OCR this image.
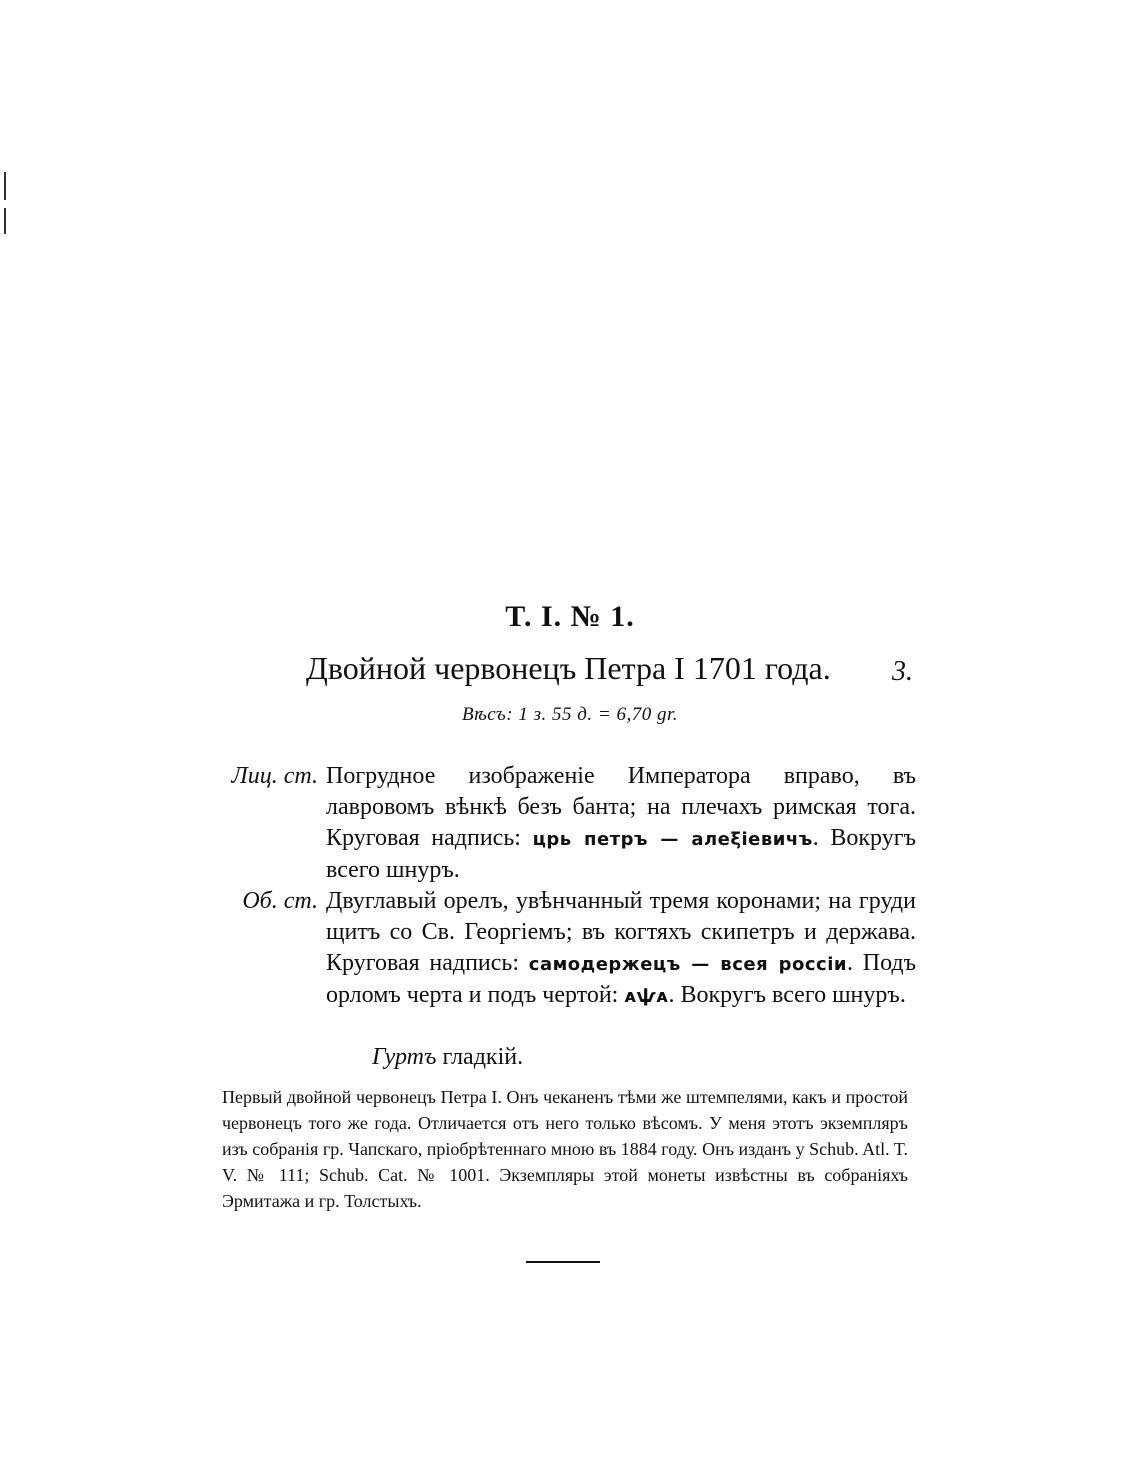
T. I. № 1.
Двойной червонецъ Петра I 1701 года. 3.
Вѣсъ: 1 з. 55 д. = 6,70 gr.
Лиц. ст. Погрудное изображенiе Императора вправо, въ лавровомъ вѣнкѣ безъ банта; на плечахъ римская тога. Круговая надпись: црь петръ — алеξiевичъ. Вокругъ всего шнуръ.
Об. ст. Двуглавый орелъ, увѣнчанный тремя коронами; на груди щитъ со Св. Георгiемъ; въ когтяхъ скипетръ и держава. Круговая надпись: самодержецъ — всея россiи. Подъ орломъ черта и подъ чертой: ᴀѱᴀ. Вокругъ всего шнуръ.
Гуртъ гладкiй.
Первый двойной червонецъ Петра I. Онъ чеканенъ тѣми же штемпелями, какъ и простой червонецъ того же года. Отличается отъ него только вѣсомъ. У меня этотъ экземпляръ изъ собранiя гр. Чапскаго, прiобрѣтеннаго мною въ 1884 году. Онъ изданъ у Schub. Atl. T. V. № 111; Schub. Cat. № 1001. Экземпляры этой монеты извѣстны въ собранiяхъ Эрмитажа и гр. Толстыхъ.
